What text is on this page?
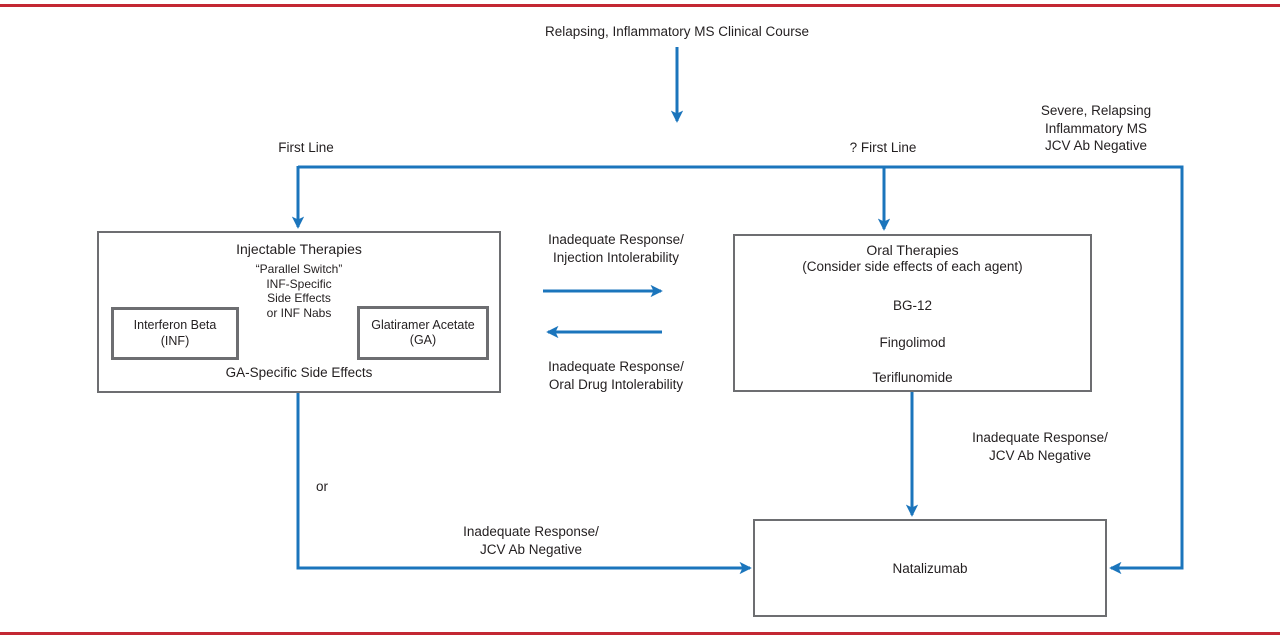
Relapsing, Inflammatory MS Clinical Course
First Line	? First Line
Severe, Relapsing
Inflammatory MS
JCV Ab Negative
Inadequate Response/
Injection Intolerability
Inadequate Response/
Oral Drug Intolerability
Inadequate Response/
JCV Ab Negative
or
Inadequate Response/
JCV Ab Negative
Injectable Therapies
“Parallel Switch”
INF-Specific
Side Effects
or INF Nabs
Interferon Beta
(INF)
Glatiramer Acetate
(GA)
GA-Specific Side Effects
Oral Therapies
(Consider side effects of each agent)
BG-12
Fingolimod
Teriflunomide
Natalizumab
